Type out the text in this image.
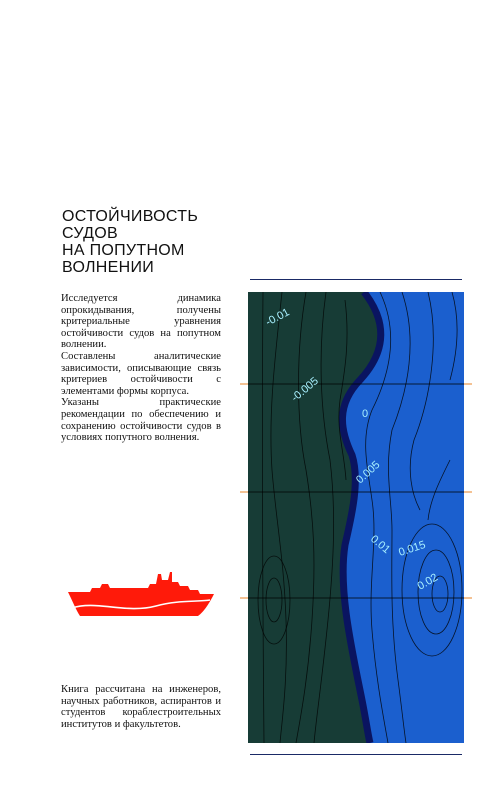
ОСТОЙЧИВОСТЬ
СУДОВ
НА ПОПУТНОМ
ВОЛНЕНИИ

Исследуется динамика опрокидывания, получены критериальные уравнения остойчивости судов на попутном волнении.

Составлены аналитические зависимости, описывающие связь критериев остойчивости с элементами формы корпуса.

Указаны практические рекомендации по обеспечению и сохранению остойчивости судов в условиях попутного волнения.

Книга рассчитана на инженеров, научных работников, аспирантов и студентов кораблестроительных институтов и факультетов.

-0.01
-0.005
0
0.005
0.01 0.015
0.02
